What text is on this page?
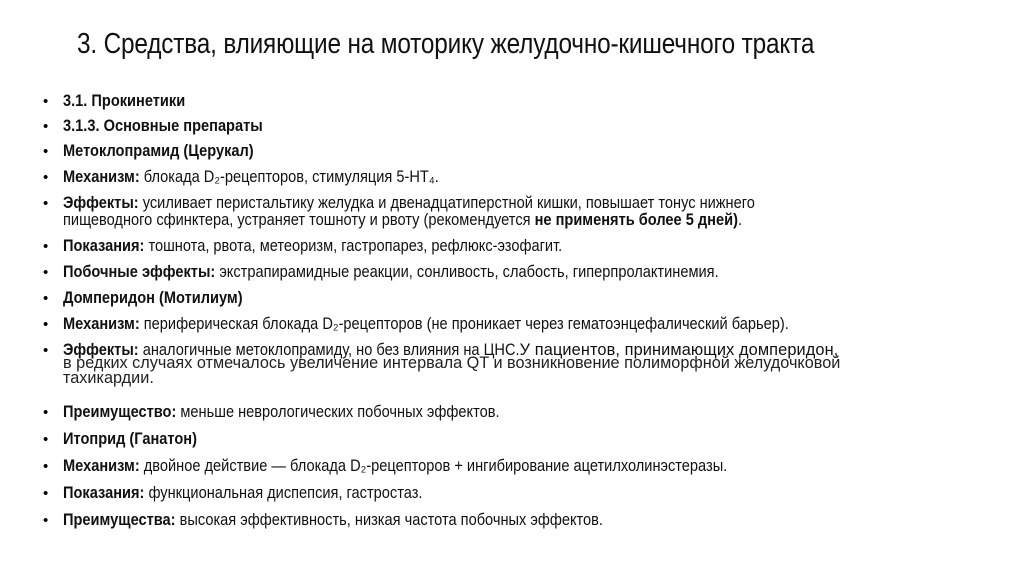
3. Средства, влияющие на моторику желудочно-кишечного тракта
• 3.1. Прокинетики
• 3.1.3. Основные препараты
• Метоклопрамид (Церукал)
• Механизм: блокада D₂-рецепторов, стимуляция 5-HT₄.
• Эффекты: усиливает перистальтику желудка и двенадцатиперстной кишки, повышает тонус нижнего
пищеводного сфинктера, устраняет тошноту и рвоту (рекомендуется не применять более 5 дней).
• Показания: тошнота, рвота, метеоризм, гастропарез, рефлюкс-эзофагит.
• Побочные эффекты: экстрапирамидные реакции, сонливость, слабость, гиперпролактинемия.
• Домперидон (Мотилиум)
• Механизм: периферическая блокада D₂-рецепторов (не проникает через гематоэнцефалический барьер).
• Эффекты: аналогичные метоклопрамиду, но без влияния на ЦНС.У пациентов, принимающих домперидон,
в редких случаях отмечалось увеличение интервала QT и возникновение полиморфной желудочковой
тахикардии.
• Преимущество: меньше неврологических побочных эффектов.
• Итоприд (Ганатон)
• Механизм: двойное действие — блокада D₂-рецепторов + ингибирование ацетилхолинэстеразы.
• Показания: функциональная диспепсия, гастростаз.
• Преимущества: высокая эффективность, низкая частота побочных эффектов.
